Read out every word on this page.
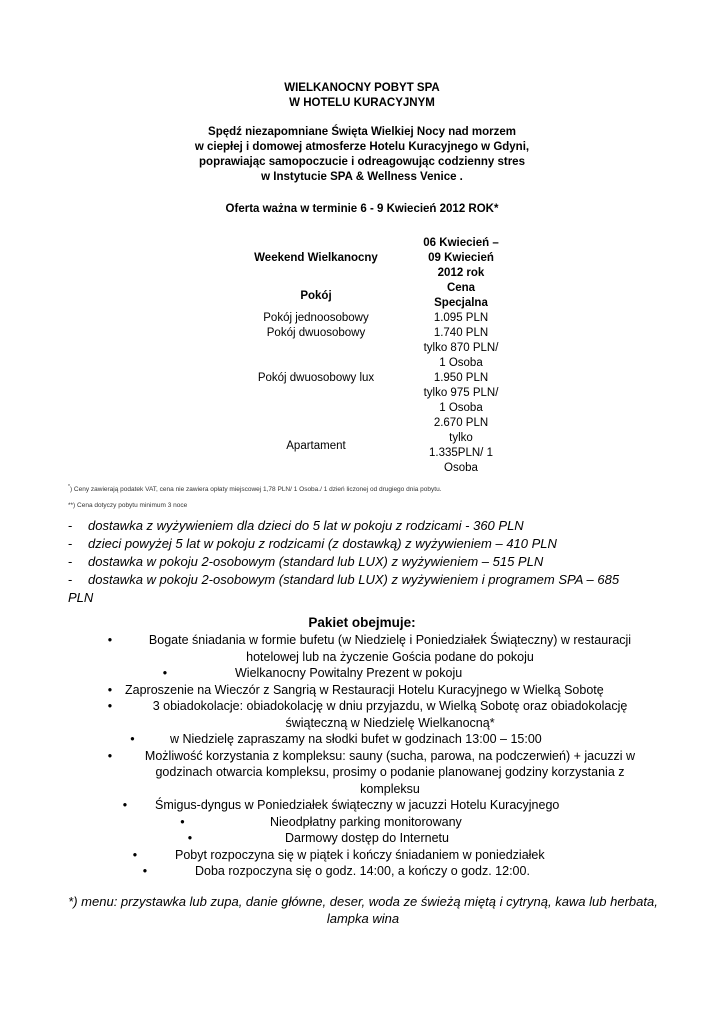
WIELKANOCNY POBYT SPA
W HOTELU KURACYJNYM
Spędź niezapomniane Święta Wielkiej Nocy nad morzem
w ciepłej i domowej atmosferze Hotelu Kuracyjnego w Gdyni,
poprawiając samopoczucie i odreagowując codzienny stres
w Instytucie SPA & Wellness Venice .
Oferta ważna w terminie 6 - 9 Kwiecień 2012 ROK*
Weekend Wielkanocny	06 Kwiecień –
09 Kwiecień
2012 rok

Pokój	Cena
Specjalna

Pokój jednoosobowy	1.095 PLN

Pokój dwuosobowy	1.740 PLN
tylko 870 PLN/
1 Osoba

Pokój dwuosobowy lux	1.950 PLN
tylko 975 PLN/
1 Osoba

Apartament	2.670 PLN
tylko
1.335PLN/ 1
Osoba
*) Ceny zawierają podatek VAT, cena nie zawiera opłaty miejscowej 1,78 PLN/ 1 Osoba./ 1 dzień liczonej od drugiego dnia pobytu.
**) Cena dotyczy pobytu minimum 3 noce
- dostawka z wyżywieniem dla dzieci do 5 lat w pokoju z rodzicami - 360 PLN
- dzieci powyżej 5 lat w pokoju z rodzicami (z dostawką) z wyżywieniem – 410 PLN
- dostawka w pokoju 2-osobowym (standard lub LUX) z wyżywieniem – 515 PLN
- dostawka w pokoju 2-osobowym (standard lub LUX) z wyżywieniem i programem SPA – 685
PLN
Pakiet obejmuje:
•	Bogate śniadania w formie bufetu (w Niedzielę i Poniedziałek Świąteczny) w restauracji hotelowej lub na życzenie Gościa podane do pokoju
•	Wielkanocny Powitalny Prezent w pokoju
•	Zaproszenie na Wieczór z Sangrią w Restauracji Hotelu Kuracyjnego w Wielką Sobotę
•	3 obiadokolacje: obiadokolację w dniu przyjazdu, w Wielką Sobotę oraz obiadokolację świąteczną w Niedzielę Wielkanocną*
•	w Niedzielę zapraszamy na słodki bufet w godzinach 13:00 – 15:00
•	Możliwość korzystania z kompleksu: sauny (sucha, parowa, na podczerwień) + jacuzzi w godzinach otwarcia kompleksu, prosimy o podanie planowanej godziny korzystania z kompleksu
•	Śmigus-dyngus w Poniedziałek świąteczny w jacuzzi Hotelu Kuracyjnego
•	Nieodpłatny parking monitorowany
•	Darmowy dostęp do Internetu
•	Pobyt rozpoczyna się w piątek i kończy śniadaniem w poniedziałek
•	Doba rozpoczyna się o godz. 14:00, a kończy o godz. 12:00.
*) menu: przystawka lub zupa, danie główne, deser, woda ze świeżą miętą i cytryną, kawa lub herbata, lampka wina
